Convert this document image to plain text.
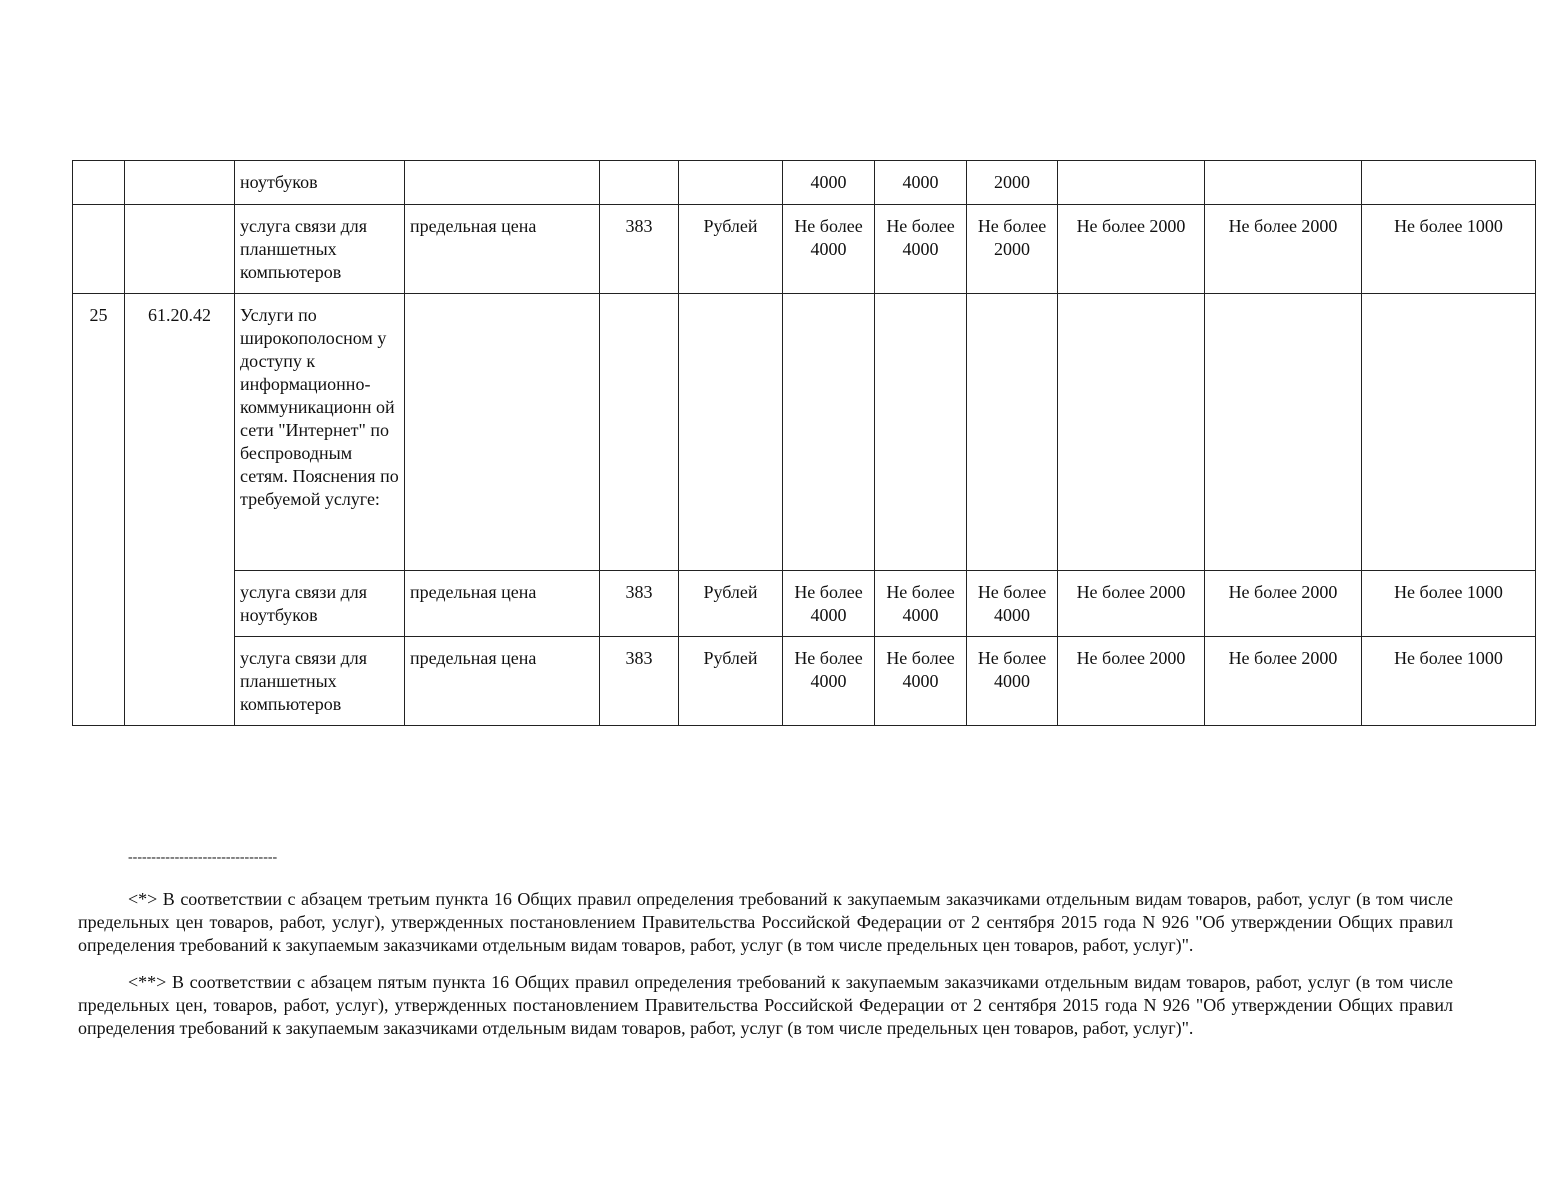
		ноутбуков				4000	4000	2000			
		услуга связи для планшетных компьютеров	предельная цена	383	Рублей	Не более 4000	Не более 4000	Не более 2000	Не более 2000	Не более 2000	Не более 1000
25	61.20.42	Услуги по широкополосном у доступу к информационно-коммуникационн ой сети "Интернет" по беспроводным сетям. Пояснения по требуемой услуге:									
		услуга связи для ноутбуков	предельная цена	383	Рублей	Не более 4000	Не более 4000	Не более 4000	Не более 2000	Не более 2000	Не более 1000
		услуга связи для планшетных компьютеров	предельная цена	383	Рублей	Не более 4000	Не более 4000	Не более 4000	Не более 2000	Не более 2000	Не более 1000
--------------------------------

<*> В соответствии с абзацем третьим пункта 16 Общих правил определения требований к закупаемым заказчиками отдельным видам товаров, работ, услуг (в том числе предельных цен товаров, работ, услуг), утвержденных постановлением Правительства Российской Федерации от 2 сентября 2015 года N 926 "Об утверждении Общих правил определения требований к закупаемым заказчиками отдельным видам товаров, работ, услуг (в том числе предельных цен товаров, работ, услуг)".

<**> В соответствии с абзацем пятым пункта 16 Общих правил определения требований к закупаемым заказчиками отдельным видам товаров, работ, услуг (в том числе предельных цен, товаров, работ, услуг), утвержденных постановлением Правительства Российской Федерации от 2 сентября 2015 года N 926 "Об утверждении Общих правил определения требований к закупаемым заказчиками отдельным видам товаров, работ, услуг (в том числе предельных цен товаров, работ, услуг)".
